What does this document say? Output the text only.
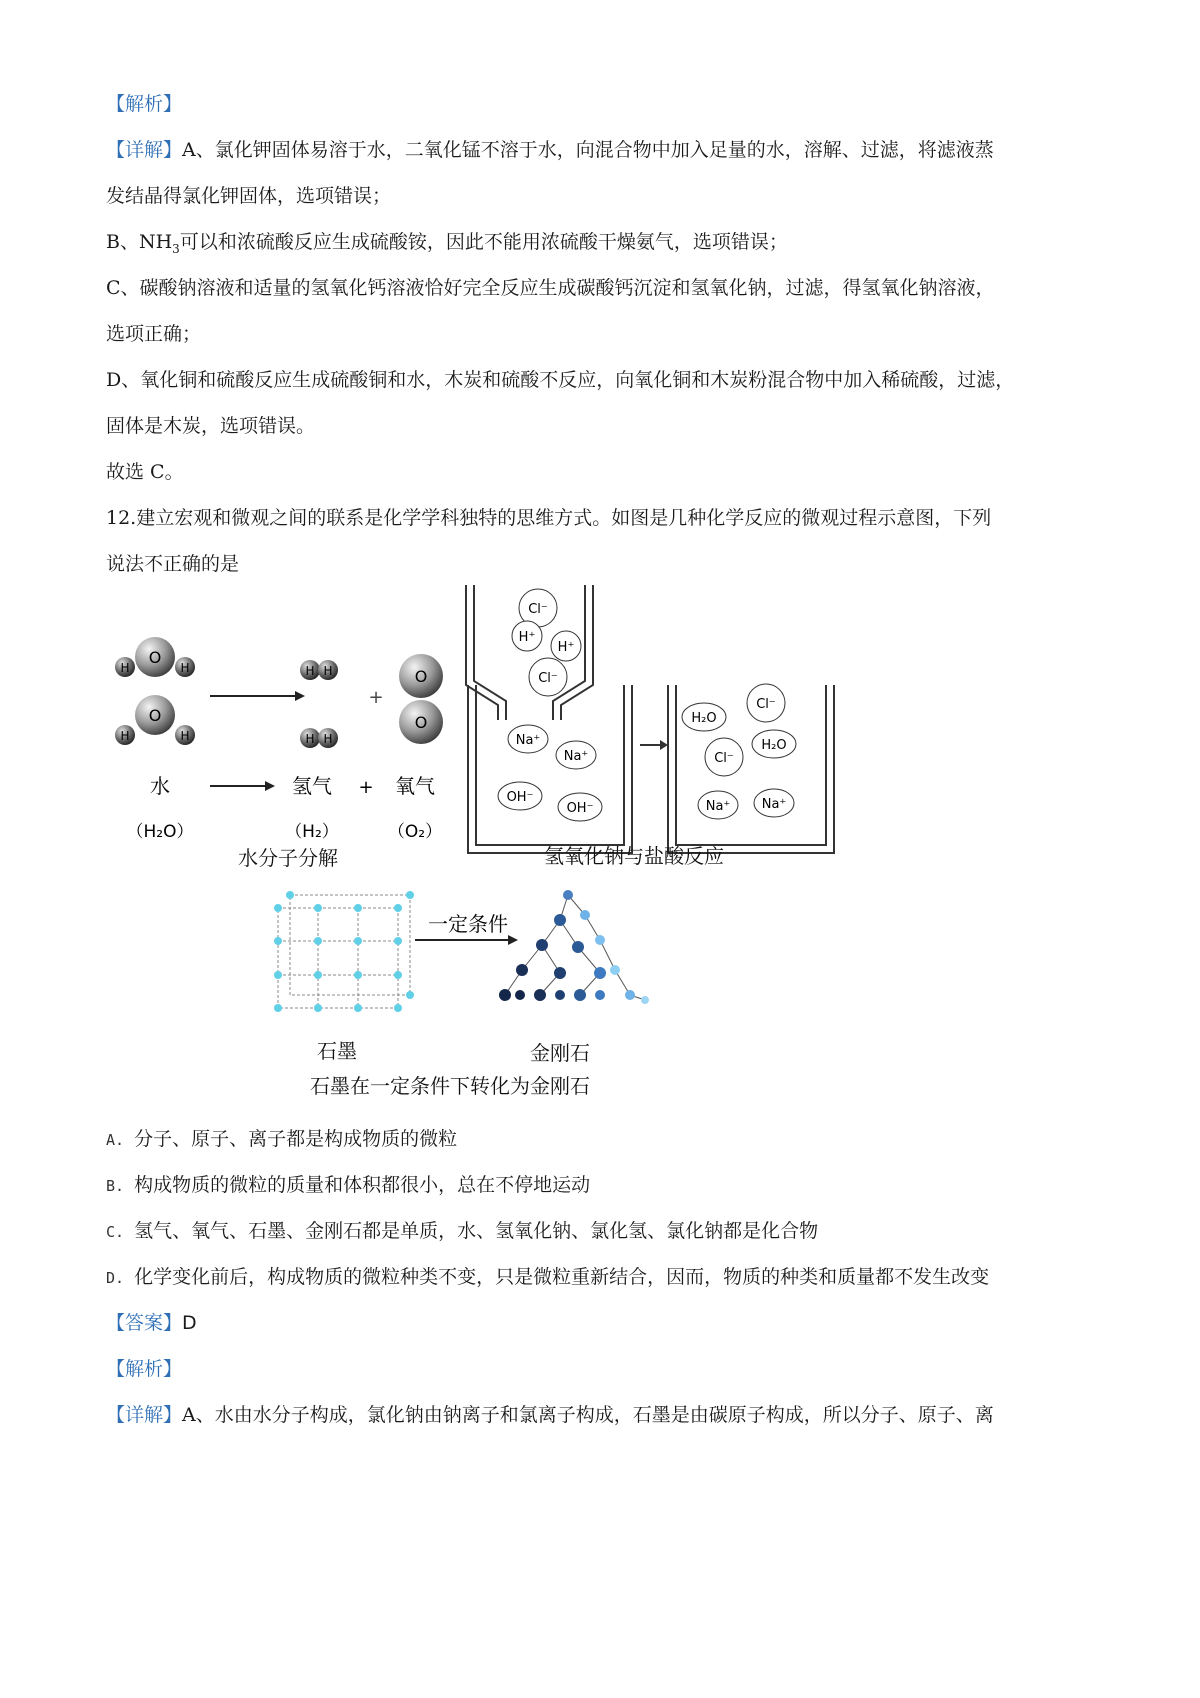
【解析】
【详解】A、氯化钾固体易溶于水，二氧化锰不溶于水，向混合物中加入足量的水，溶解、过滤，将滤液蒸
发结晶得氯化钾固体，选项错误；
B、$NH_3$可以和浓硫酸反应生成硫酸铵，因此不能用浓硫酸干燥氨气，选项错误；
C、碳酸钠溶液和适量的氢氧化钙溶液恰好完全反应生成碳酸钙沉淀和氢氧化钠，过滤，得氢氧化钠溶液，
选项正确；
D、氧化铜和硫酸反应生成硫酸铜和水，木炭和硫酸不反应，向氧化铜和木炭粉混合物中加入稀硫酸，过滤，
固体是木炭，选项错误。
故选 C。
12.建立宏观和微观之间的联系是化学学科独特的思维方式。如图是几种化学反应的微观过程示意图，下列
说法不正确的是
O
H	H
O
H	H
H H
H H
+
O
O
水	氢气 + 氧气
（H₂O）	（H₂）	（O₂）
Cl⁻
H⁺
H⁺
Cl⁻
Na⁺
Na⁺
OH⁻
OH⁻
Cl⁻
H₂O
H₂O
Cl⁻
Na⁺ Na⁺
一定条件
水分子分解	氢氧化钠与盐酸反应
石墨	金刚石
石墨在一定条件下转化为金刚石
A. 分子、原子、离子都是构成物质的微粒
B. 构成物质的微粒的质量和体积都很小，总在不停地运动
C. 氢气、氧气、石墨、金刚石都是单质，水、氢氧化钠、氯化氢、氯化钠都是化合物
D. 化学变化前后，构成物质的微粒种类不变，只是微粒重新结合，因而，物质的种类和质量都不发生改变
【答案】D
【解析】
【详解】A、水由水分子构成，氯化钠由钠离子和氯离子构成，石墨是由碳原子构成，所以分子、原子、离
